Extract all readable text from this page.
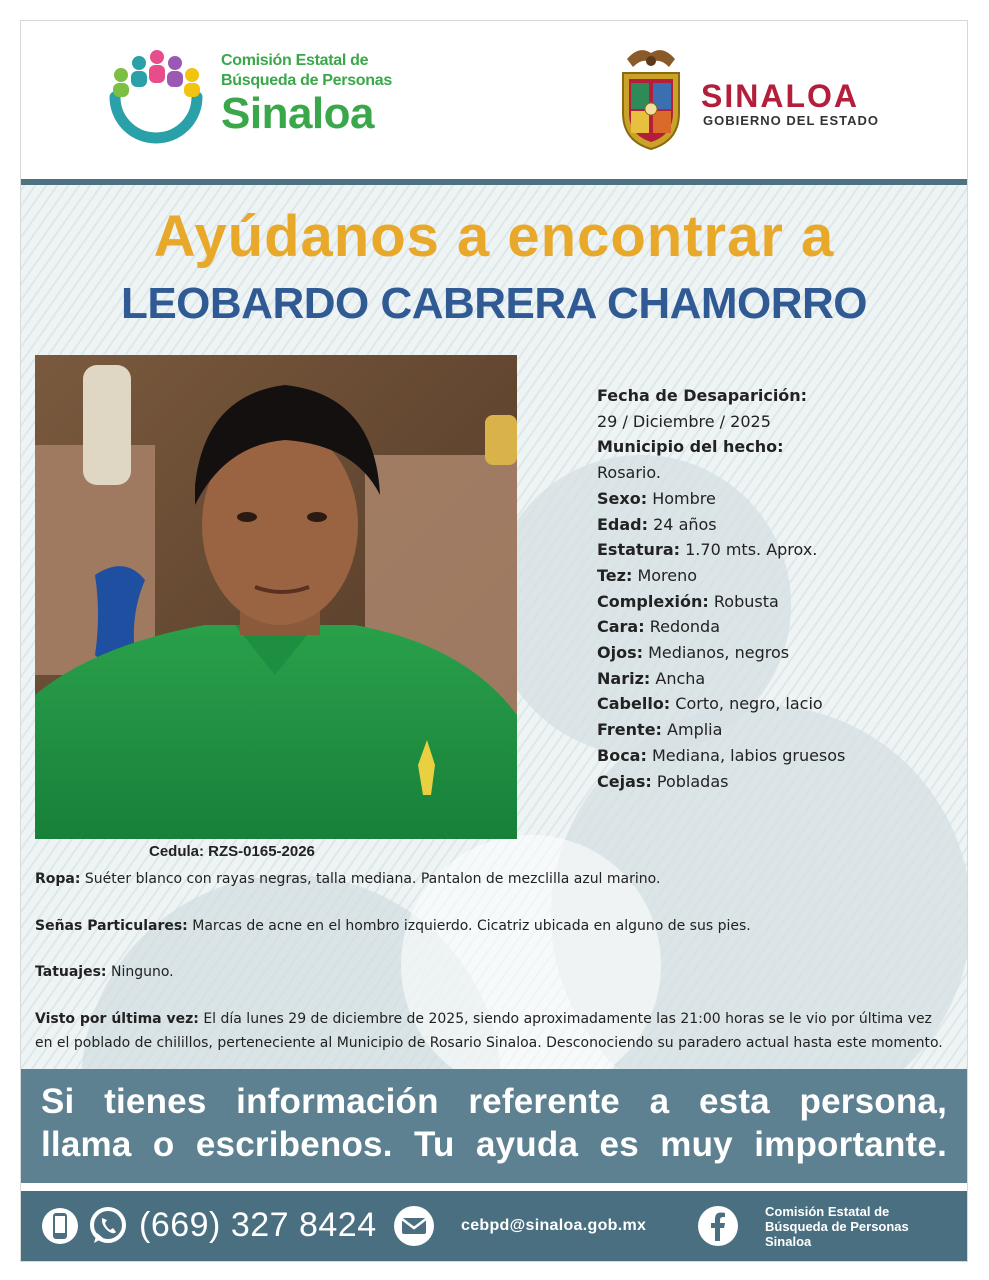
Comisión Estatal de
Búsqueda de Personas
Sinaloa	SINALOA
GOBIERNO DEL ESTADO
Ayúdanos a encontrar a
LEOBARDO CABRERA CHAMORRO
Cedula: RZS-0165-2026
Fecha de Desaparición:
29 / Diciembre / 2025
Municipio del hecho:
Rosario.
Sexo: Hombre
Edad: 24 años
Estatura: 1.70 mts. Aprox.
Tez: Moreno
Complexión: Robusta
Cara: Redonda
Ojos: Medianos, negros
Nariz: Ancha
Cabello: Corto, negro, lacio
Frente: Amplia
Boca: Mediana, labios gruesos
Cejas: Pobladas
Ropa: Suéter blanco con rayas negras, talla mediana. Pantalon de mezclilla azul marino.
Señas Particulares: Marcas de acne en el hombro izquierdo. Cicatriz ubicada en alguno de sus pies.
Tatuajes: Ninguno.
Visto por última vez: El día lunes 29 de diciembre de 2025, siendo aproximadamente las 21:00 horas se le vio por última vez en el poblado de chilillos, perteneciente al Municipio de Rosario Sinaloa. Desconociendo su paradero actual hasta este momento.
Si tienes información referente a esta persona,
llama o escribenos. Tu ayuda es muy importante.
(669) 327 8424	cebpd@sinaloa.gob.mx
Comisión Estatal de
Búsqueda de Personas
Sinaloa
